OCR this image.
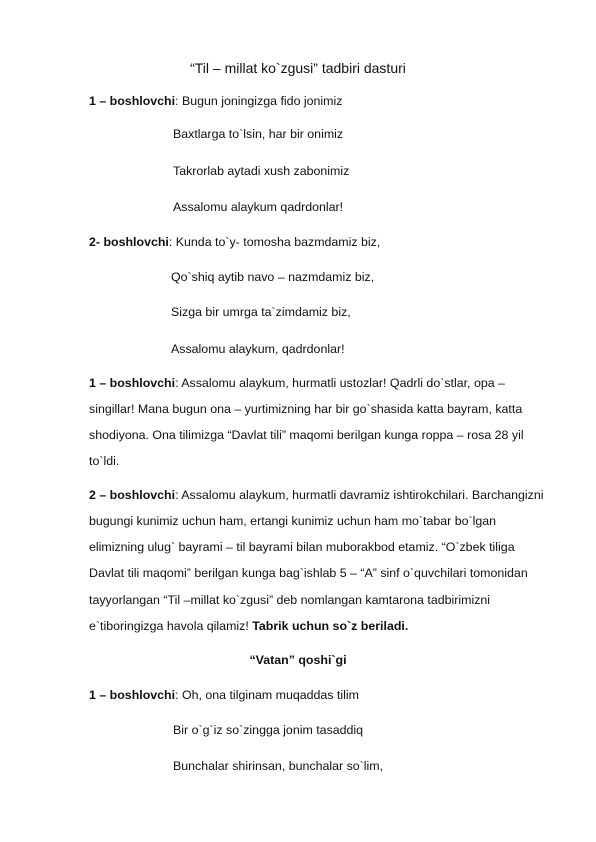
“Til – millat ko`zgusi” tadbiri dasturi
1 – boshlovchi: Bugun joningizga fido jonimiz
Baxtlarga to`lsin, har bir onimiz
Takrorlab aytadi xush zabonimiz
Assalomu alaykum qadrdonlar!
2- boshlovchi: Kunda to`y- tomosha bazmdamiz biz,
Qo`shiq aytib navo – nazmdamiz biz,
Sizga bir umrga ta`zimdamiz biz,
Assalomu alaykum, qadrdonlar!
1 – boshlovchi: Assalomu alaykum, hurmatli ustozlar! Qadrli do`stlar, opa –
singillar! Mana bugun ona – yurtimizning har bir go`shasida katta bayram, katta
shodiyona. Ona tilimizga “Davlat tili” maqomi berilgan kunga roppa – rosa 28 yil
to`ldi.
2 – boshlovchi: Assalomu alaykum, hurmatli davramiz ishtirokchilari. Barchangizni
bugungi kunimiz uchun ham, ertangi kunimiz uchun ham mo`tabar bo`lgan
elimizning ulug` bayrami – til bayrami bilan muborakbod etamiz. “O`zbek tiliga
Davlat tili maqomi” berilgan kunga bag`ishlab 5 – “A” sinf o`quvchilari tomonidan
tayyorlangan “Til –millat ko`zgusi” deb nomlangan kamtarona tadbirimizni
e`tiboringizga havola qilamiz! Tabrik uchun so`z beriladi.
“Vatan” qoshi`gi
1 – boshlovchi: Oh, ona tilginam muqaddas tilim
Bir o`g`iz so`zingga jonim tasaddiq
Bunchalar shirinsan, bunchalar so`lim,
